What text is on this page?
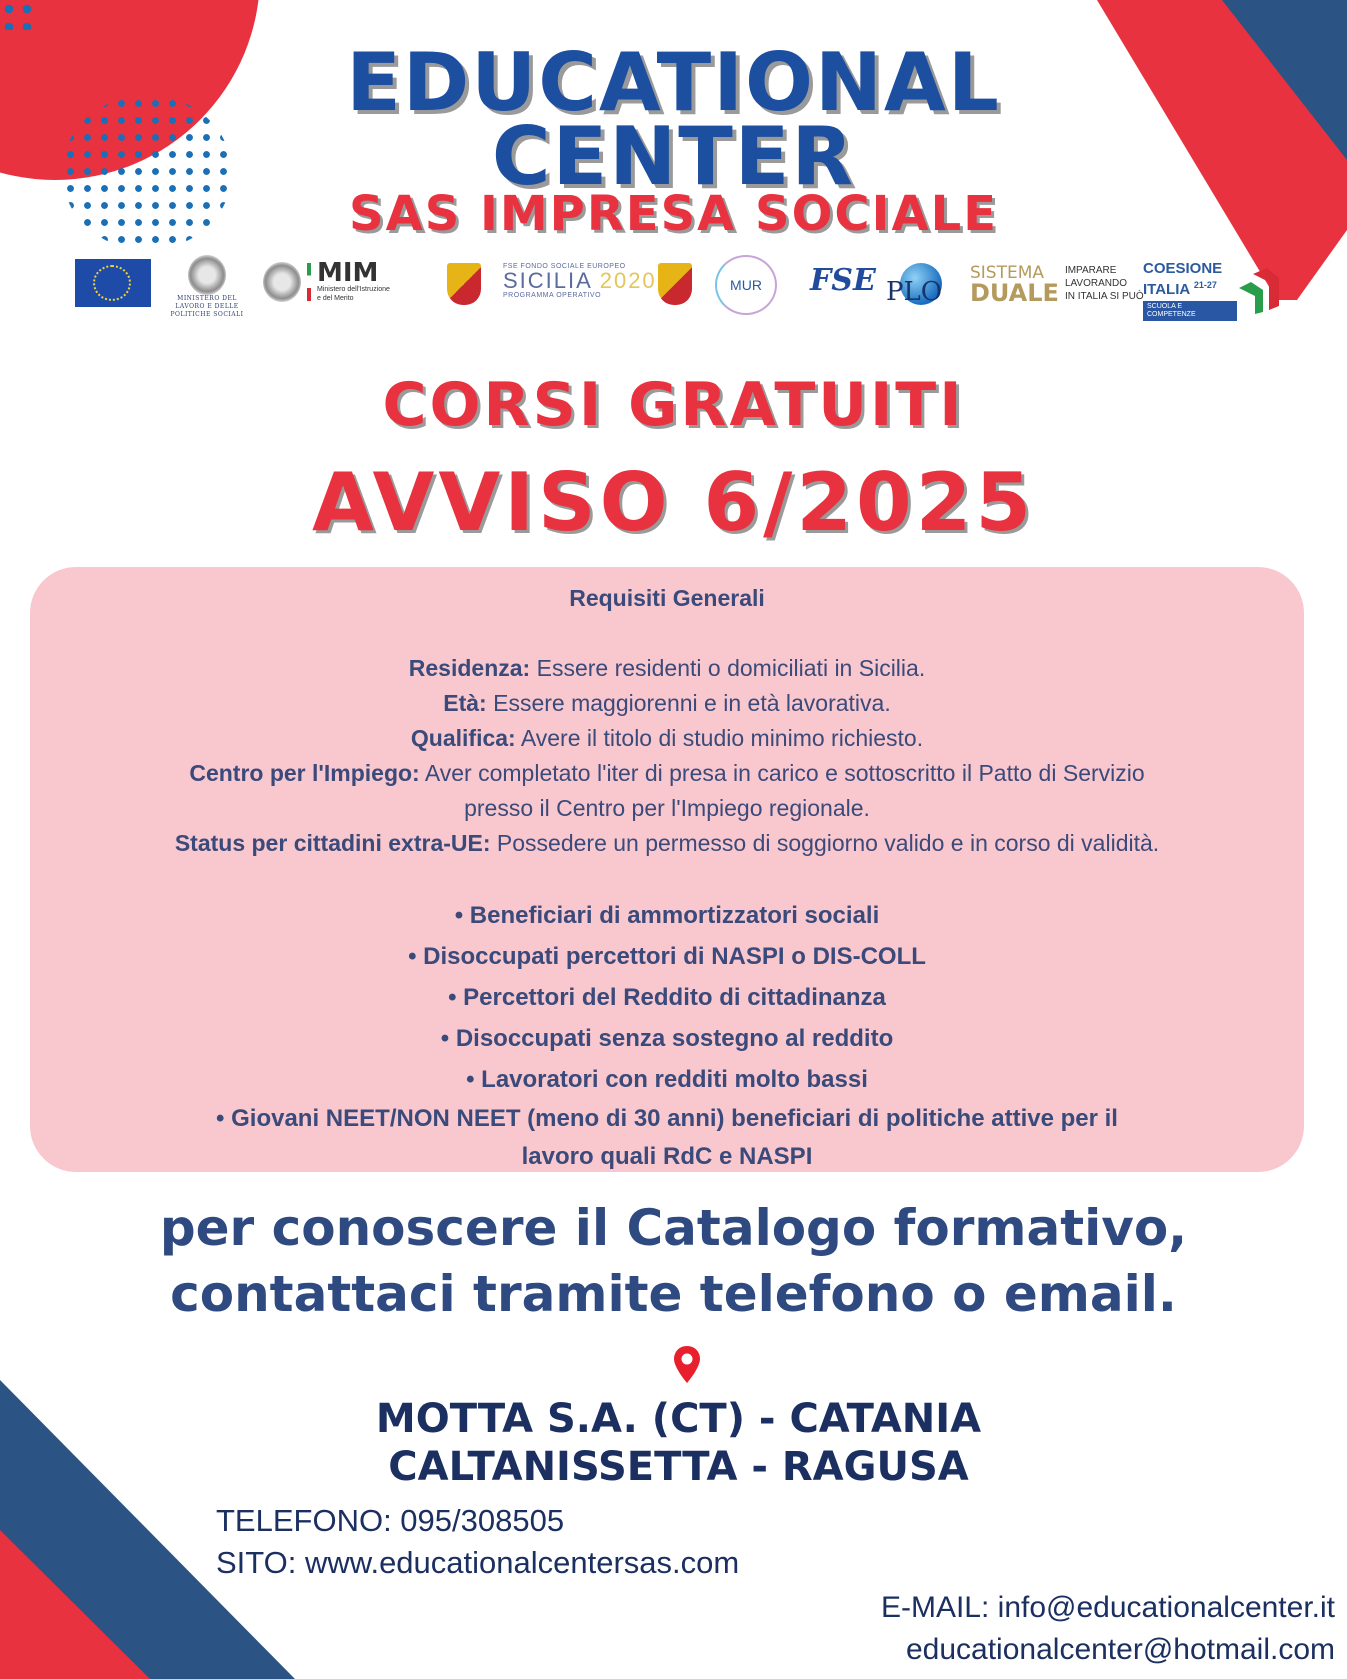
EDUCATIONAL
CENTER
SAS IMPRESA SOCIALE
MINISTERO DEL LAVORO E DELLE POLITICHE SOCIALI
MIM
Ministero dell'Istruzione
e del Merito
FSE FONDO SOCIALE EUROPEO
SICILIA 2020
PROGRAMMA OPERATIVO
MUR FSE PLO
SISTEMA
DUALE
IMPARARE
LAVORANDO
IN ITALIA SI PUÒ
COESIONE
ITALIA $^{21-27}$
SCUOLA E
COMPETENZE
CORSI GRATUITI
AVVISO 6/2025
Requisiti Generali
Residenza: Essere residenti o domiciliati in Sicilia.
Età: Essere maggiorenni e in età lavorativa.
Qualifica: Avere il titolo di studio minimo richiesto.
Centro per l'Impiego: Aver completato l'iter di presa in carico e sottoscritto il Patto di Servizio
presso il Centro per l'Impiego regionale.
Status per cittadini extra-UE: Possedere un permesso di soggiorno valido e in corso di validità.
• Beneficiari di ammortizzatori sociali
• Disoccupati percettori di NASPI o DIS-COLL
• Percettori del Reddito di cittadinanza
• Disoccupati senza sostegno al reddito
• Lavoratori con redditi molto bassi
• Giovani NEET/NON NEET (meno di 30 anni) beneficiari di politiche attive per il
lavoro quali RdC e NASPI
per conoscere il Catalogo formativo,
contattaci tramite telefono o email.
MOTTA S.A. (CT) - CATANIA
CALTANISSETTA - RAGUSA
TELEFONO: 095/308505
SITO: www.educationalcentersas.com
E-MAIL: info@educationalcenter.it
educationalcenter@hotmail.com
